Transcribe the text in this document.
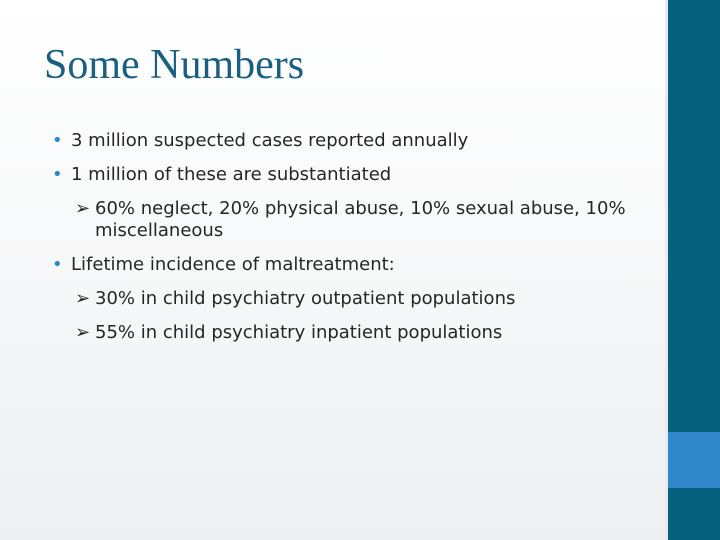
Some Numbers
• 3 million suspected cases reported annually
• 1 million of these are substantiated
➢ 60% neglect, 20% physical abuse, 10% sexual abuse, 10% miscellaneous
• Lifetime incidence of maltreatment:
➢ 30% in child psychiatry outpatient populations
➢ 55% in child psychiatry inpatient populations
